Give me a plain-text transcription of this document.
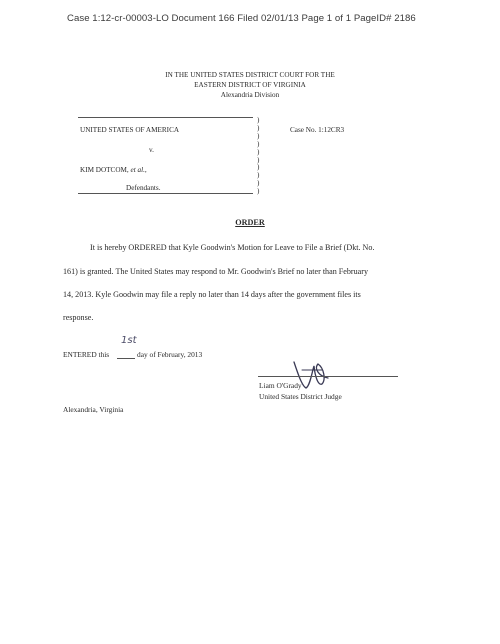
Case 1:12-cr-00003-LO Document 166 Filed 02/01/13 Page 1 of 1 PageID# 2186
IN THE UNITED STATES DISTRICT COURT FOR THE
EASTERN DISTRICT OF VIRGINIA
Alexandria Division
UNITED STATES OF AMERICA
v.
KIM DOTCOM, et al.,
Defendants.
)
)
)
)
)
)
)
)
)
)
Case No. 1:12CR3
ORDER
It is hereby ORDERED that Kyle Goodwin's Motion for Leave to File a Brief (Dkt. No.
161) is granted. The United States may respond to Mr. Goodwin's Brief no later than February
14, 2013. Kyle Goodwin may file a reply no later than 14 days after the government files its
response.
ENTERED this
1st
day of February, 2013
Liam O'Grady
United States District Judge
Alexandria, Virginia
